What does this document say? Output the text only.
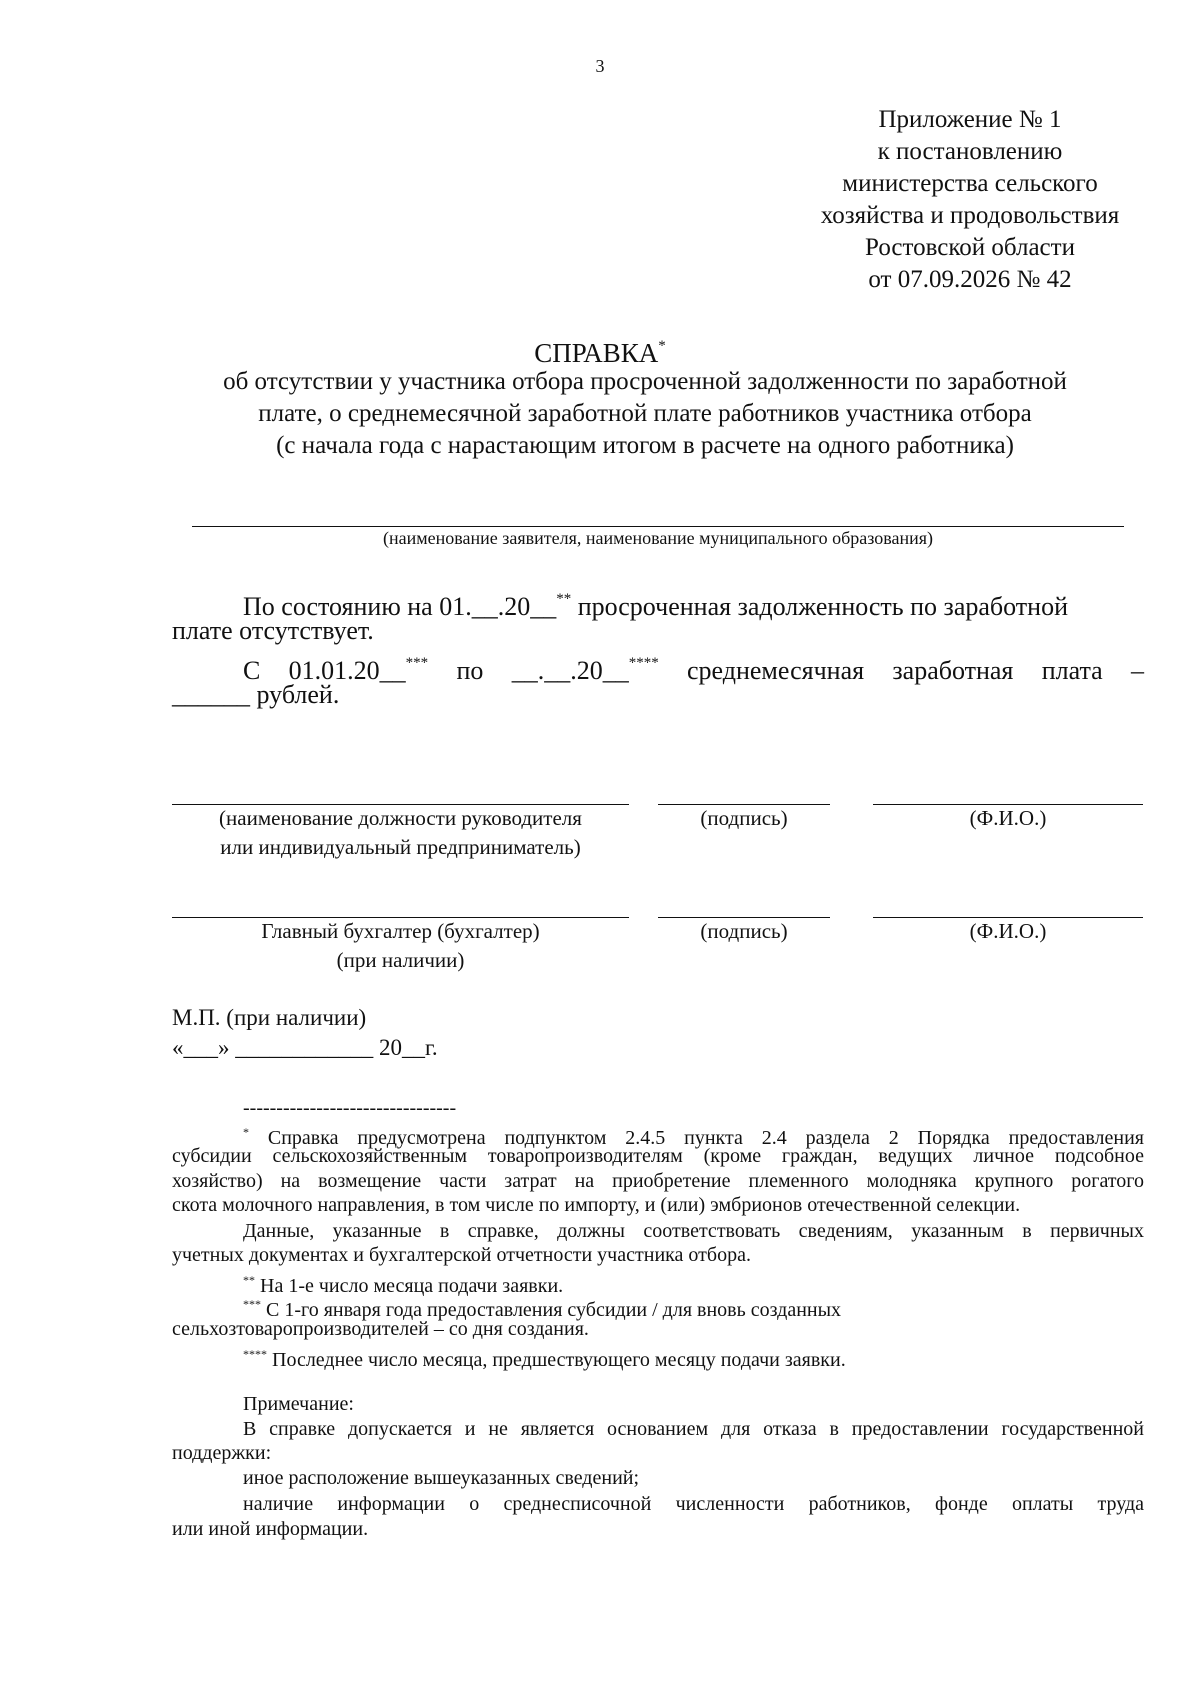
3
Приложение № 1
к постановлению
министерства сельского
хозяйства и продовольствия
Ростовской области
от 07.09.2026 № 42
СПРАВКА*
об отсутствии у участника отбора просроченной задолженности по заработной
плате, о среднемесячной заработной плате работников участника отбора
(с начала года с нарастающим итогом в расчете на одного работника)
(наименование заявителя, наименование муниципального образования)
По состоянию на 01.__.20__** просроченная задолженность по заработной
плате отсутствует.
С 01.01.20__*** по __.__.20__**** среднемесячная заработная плата –
______ рублей.
(наименование должности руководителя
или индивидуальный предприниматель)
(подпись)	(Ф.И.О.)
Главный бухгалтер (бухгалтер)
(при наличии)
(подпись)	(Ф.И.О.)
М.П. (при наличии)
«___» ____________ 20__г.
--------------------------------
* Справка предусмотрена подпунктом 2.4.5 пункта 2.4 раздела 2 Порядка предоставления
субсидии сельскохозяйственным товаропроизводителям (кроме граждан, ведущих личное подсобное
хозяйство) на возмещение части затрат на приобретение племенного молодняка крупного рогатого
скота молочного направления, в том числе по импорту, и (или) эмбрионов отечественной селекции.
Данные, указанные в справке, должны соответствовать сведениям, указанным в первичных
учетных документах и бухгалтерской отчетности участника отбора.
** На 1-е число месяца подачи заявки.
*** С 1-го января года предоставления субсидии / для вновь созданных
сельхозтоваропроизводителей – со дня создания.
**** Последнее число месяца, предшествующего месяцу подачи заявки.
Примечание:
В справке допускается и не является основанием для отказа в предоставлении государственной
поддержки:
иное расположение вышеуказанных сведений;
наличие информации о среднесписочной численности работников, фонде оплаты труда
или иной информации.
